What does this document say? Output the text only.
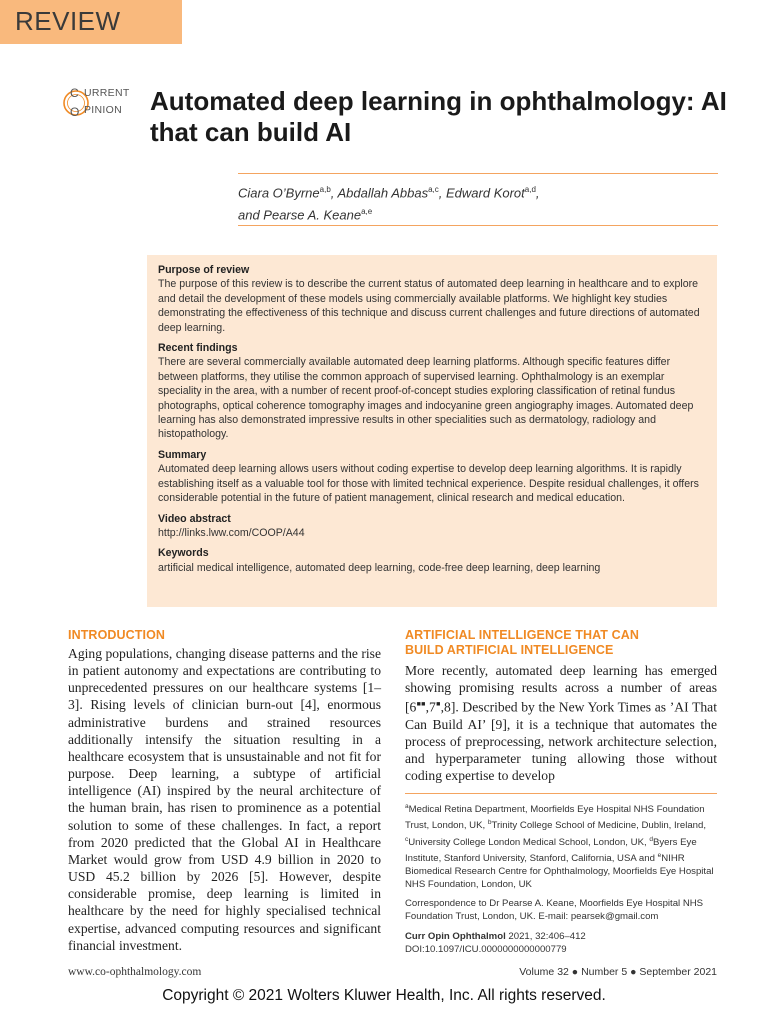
REVIEW
C
O
URRENT
PINION Automated deep learning in ophthalmology: AI that can build AI
Ciara O’Byrne$^{a,b}$, Abdallah Abbas$^{a,c}$, Edward Korot$^{a,d}$,
and Pearse A. Keane$^{a,e}$
Purpose of review

The purpose of this review is to describe the current status of automated deep learning in healthcare and to explore and detail the development of these models using commercially available platforms. We highlight key studies demonstrating the effectiveness of this technique and discuss current challenges and future directions of automated deep learning.

Recent findings

There are several commercially available automated deep learning platforms. Although specific features differ between platforms, they utilise the common approach of supervised learning. Ophthalmology is an exemplar speciality in the area, with a number of recent proof-of-concept studies exploring classification of retinal fundus photographs, optical coherence tomography images and indocyanine green angiography images. Automated deep learning has also demonstrated impressive results in other specialities such as dermatology, radiology and histopathology.

Summary

Automated deep learning allows users without coding expertise to develop deep learning algorithms. It is rapidly establishing itself as a valuable tool for those with limited technical experience. Despite residual challenges, it offers considerable potential in the future of patient management, clinical research and medical education.

Video abstract

http://links.lww.com/COOP/A44

Keywords

artificial medical intelligence, automated deep learning, code-free deep learning, deep learning

INTRODUCTION
Aging populations, changing disease patterns and the rise in patient autonomy and expectations are contributing to unprecedented pressures on our healthcare systems [1–3]. Rising levels of clinician burn-out [4], enormous administrative burdens and strained resources additionally intensify the situation resulting in a healthcare ecosystem that is unsustainable and not fit for purpose. Deep learning, a subtype of artificial intelligence (AI) inspired by the neural architecture of the human brain, has risen to prominence as a potential solution to some of these challenges. In fact, a report from 2020 predicted that the Global AI in Healthcare Market would grow from USD 4.9 billion in 2020 to USD 45.2 billion by 2026 [5]. However, despite considerable promise, deep learning is limited in healthcare by the need for highly specialised technical expertise, advanced computing resources and significant financial investment.
ARTIFICIAL INTELLIGENCE THAT CAN
BUILD ARTIFICIAL INTELLIGENCE
More recently, automated deep learning has emerged showing promising results across a number of areas [6■■,7■,8]. Described by the New York Times as ’AI That Can Build AI’ [9], it is a technique that automates the process of preprocessing, network architecture selection, and hyperparameter tuning allowing those without coding expertise to develop

$^a$Medical Retina Department, Moorfields Eye Hospital NHS Foundation Trust, London, UK, $^b$Trinity College School of Medicine, Dublin, Ireland, $^c$University College London Medical School, London, UK, $^d$Byers Eye Institute, Stanford University, Stanford, California, USA and $^e$NIHR Biomedical Research Centre for Ophthalmology, Moorfields Eye Hospital NHS Foundation, London, UK

Correspondence to Dr Pearse A. Keane, Moorfields Eye Hospital NHS Foundation Trust, London, UK. E-mail: pearsek@gmail.com

Curr Opin Ophthalmol 2021, 32:406–412
DOI:10.1097/ICU.0000000000000779
www.co-ophthalmology.com	Volume 32 ● Number 5 ● September 2021
Copyright © 2021 Wolters Kluwer Health, Inc. All rights reserved.
